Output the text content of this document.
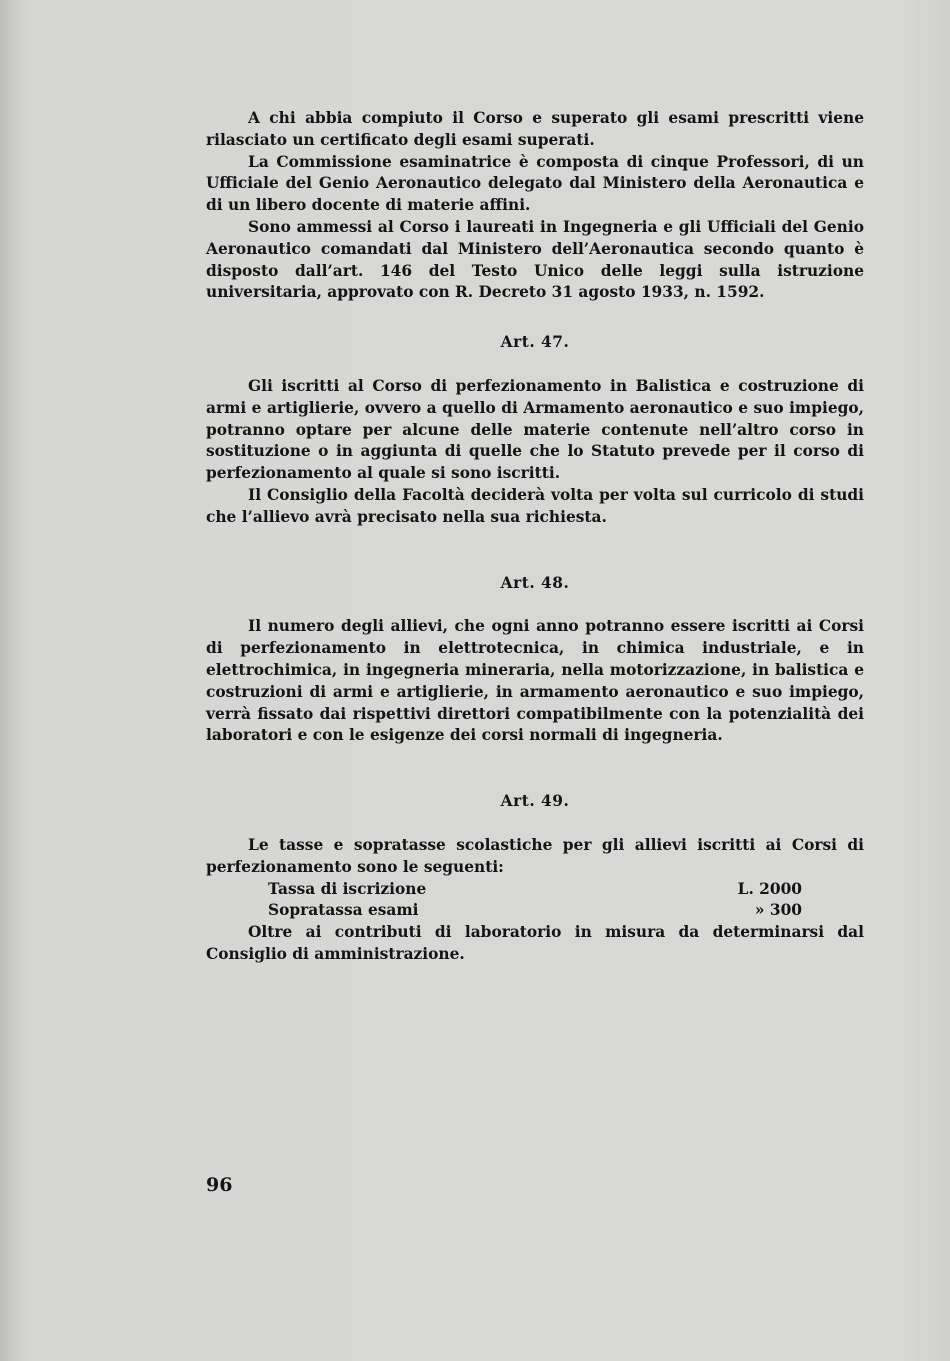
A chi abbia compiuto il Corso e superato gli esami prescritti viene rilasciato un certificato degli esami superati.

La Commissione esaminatrice è composta di cinque Professori, di un Ufficiale del Genio Aeronautico delegato dal Ministero della Aeronautica e di un libero docente di materie affini.

Sono ammessi al Corso i laureati in Ingegneria e gli Ufficiali del Genio Aeronautico comandati dal Ministero dell’Aeronautica secondo quanto è disposto dall’art. 146 del Testo Unico delle leggi sulla istruzione universitaria, approvato con R. Decreto 31 agosto 1933, n. 1592.

Art. 47.

Gli iscritti al Corso di perfezionamento in Balistica e costruzione di armi e artiglierie, ovvero a quello di Armamento aeronautico e suo impiego, potranno optare per alcune delle materie contenute nell’altro corso in sostituzione o in aggiunta di quelle che lo Statuto prevede per il corso di perfezionamento al quale si sono iscritti.

Il Consiglio della Facoltà deciderà volta per volta sul curricolo di studi che l’allievo avrà precisato nella sua richiesta.

Art. 48.

Il numero degli allievi, che ogni anno potranno essere iscritti ai Corsi di perfezionamento in elettrotecnica, in chimica industriale, e in elettrochimica, in ingegneria mineraria, nella motorizzazione, in balistica e costruzioni di armi e artiglierie, in armamento aeronautico e suo impiego, verrà fissato dai rispettivi direttori compatibilmente con la potenzialità dei laboratori e con le esigenze dei corsi normali di ingegneria.

Art. 49.

Le tasse e sopratasse scolastiche per gli allievi iscritti ai Corsi di perfezionamento sono le seguenti:

Tassa di iscrizione	L. 2000
Sopratassa esami	» 300

Oltre ai contributi di laboratorio in misura da determinarsi dal Consiglio di amministrazione.

96
